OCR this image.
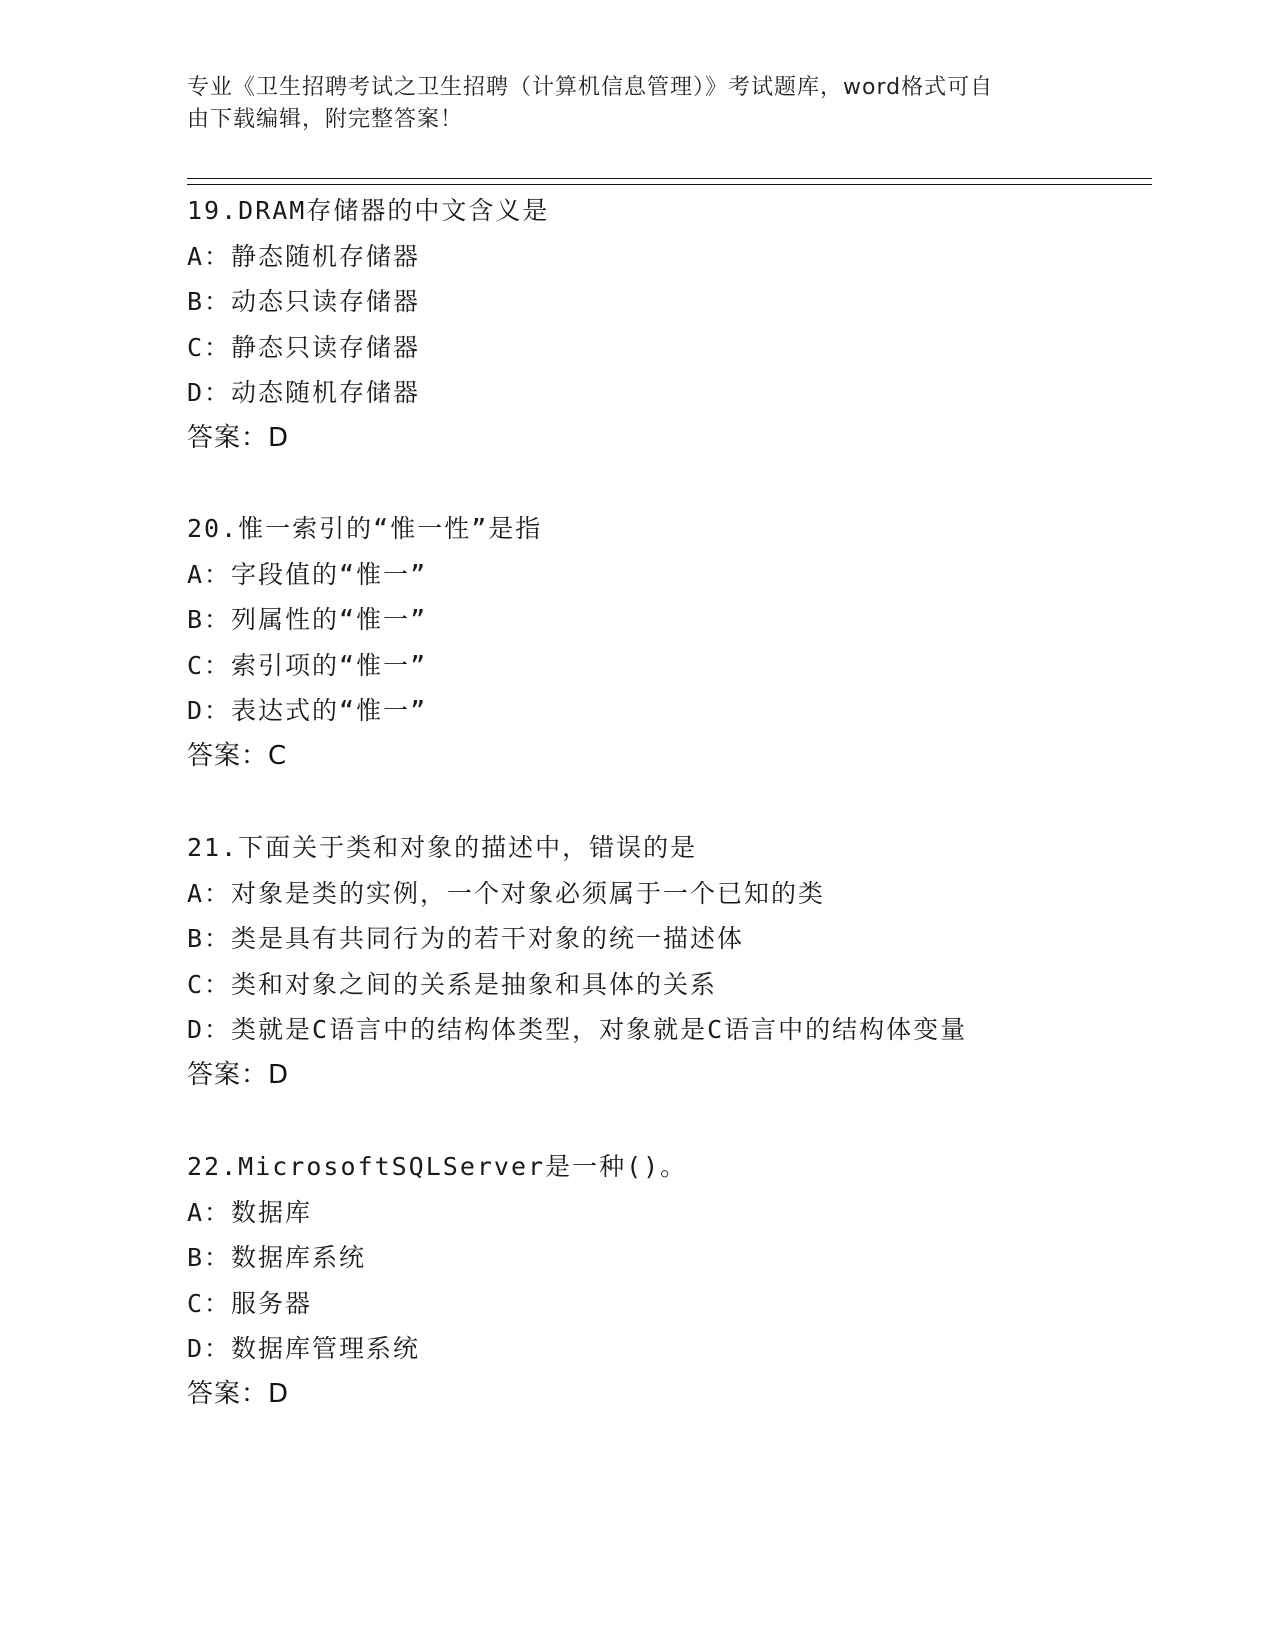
专业《卫生招聘考试之卫生招聘（计算机信息管理）》考试题库，word格式可自
由下载编辑，附完整答案！
19.DRAM存储器的中文含义是
A：静态随机存储器
B：动态只读存储器
C：静态只读存储器
D：动态随机存储器
答案：D
20.惟一索引的“惟一性”是指
A：字段值的“惟一”
B：列属性的“惟一”
C：索引项的“惟一”
D：表达式的“惟一”
答案：C
21.下面关于类和对象的描述中，错误的是
A：对象是类的实例，一个对象必须属于一个已知的类
B：类是具有共同行为的若干对象的统一描述体
C：类和对象之间的关系是抽象和具体的关系
D：类就是C语言中的结构体类型，对象就是C语言中的结构体变量
答案：D
22.MicrosoftSQLServer是一种()。
A：数据库
B：数据库系统
C：服务器
D：数据库管理系统
答案：D
